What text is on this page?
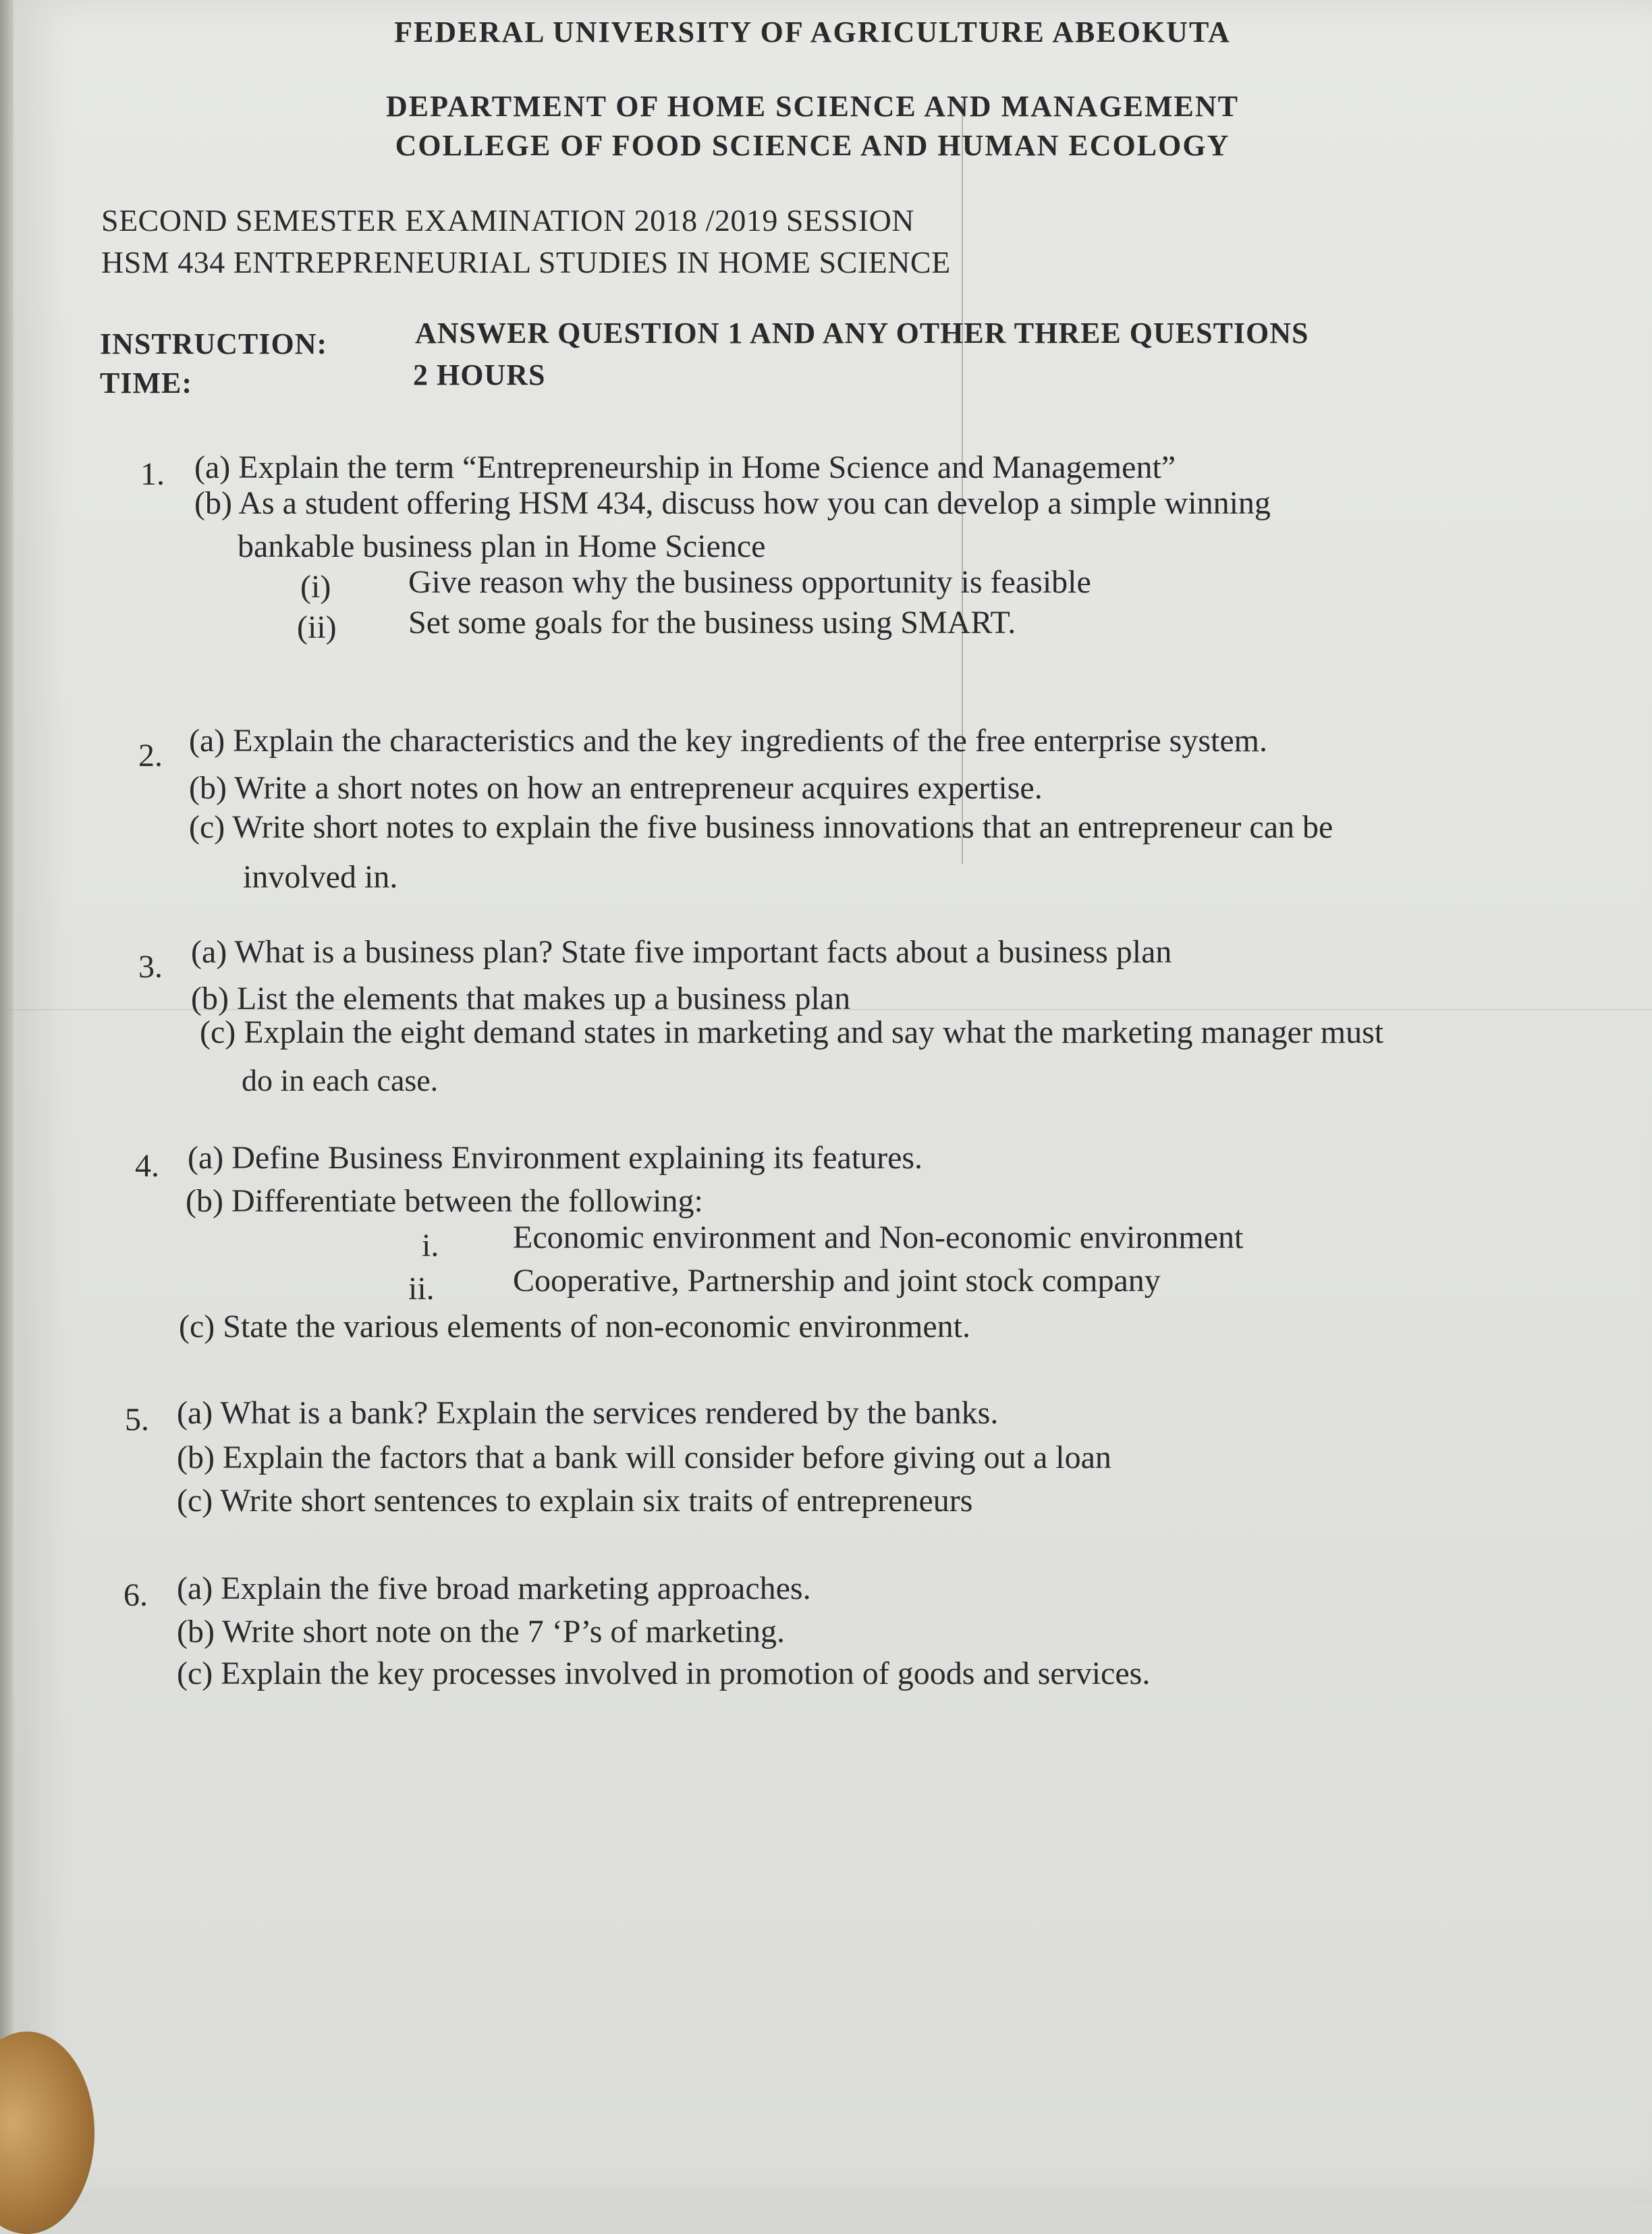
FEDERAL UNIVERSITY OF AGRICULTURE ABEOKUTA
DEPARTMENT OF HOME SCIENCE AND MANAGEMENT
COLLEGE OF FOOD SCIENCE AND HUMAN ECOLOGY
SECOND SEMESTER EXAMINATION 2018 /2019 SESSION
HSM 434 ENTREPRENEURIAL STUDIES IN HOME SCIENCE
INSTRUCTION:	ANSWER QUESTION 1 AND ANY OTHER THREE QUESTIONS
TIME:	2 HOURS
1. (a) Explain the term “Entrepreneurship in Home Science and Management”
(b) As a student offering HSM 434, discuss how you can develop a simple winning
bankable business plan in Home Science
(i) Give reason why the business opportunity is feasible
(ii) Set some goals for the business using SMART.
2. (a) Explain the characteristics and the key ingredients of the free enterprise system.
(b) Write a short notes on how an entrepreneur acquires expertise.
(c) Write short notes to explain the five business innovations that an entrepreneur can be
involved in.
3. (a) What is a business plan? State five important facts about a business plan
(b) List the elements that makes up a business plan
(c) Explain the eight demand states in marketing and say what the marketing manager must
do in each case.
4. (a) Define Business Environment explaining its features.
(b) Differentiate between the following:
i. Economic environment and Non-economic environment
ii. Cooperative, Partnership and joint stock company
(c) State the various elements of non-economic environment.
5. (a) What is a bank? Explain the services rendered by the banks.
(b) Explain the factors that a bank will consider before giving out a loan
(c) Write short sentences to explain six traits of entrepreneurs
6. (a) Explain the five broad marketing approaches.
(b) Write short note on the 7 ‘P’s of marketing.
(c) Explain the key processes involved in promotion of goods and services.
